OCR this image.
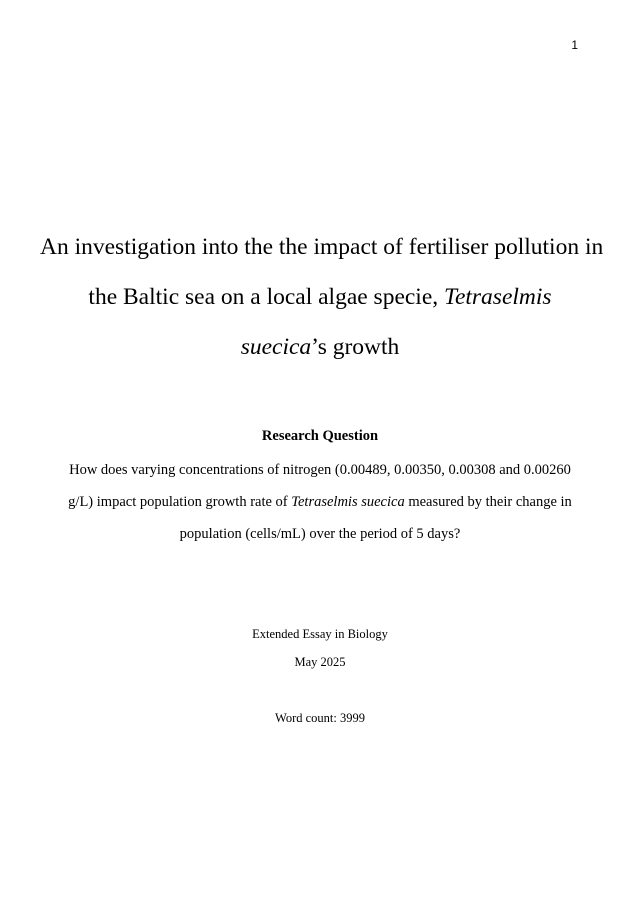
1
An investigation into the the impact of fertiliser pollution in
the Baltic sea on a local algae specie, Tetraselmis
suecica’s growth
Research Question
How does varying concentrations of nitrogen (0.00489, 0.00350, 0.00308 and 0.00260
g/L) impact population growth rate of Tetraselmis suecica measured by their change in
population (cells/mL) over the period of 5 days?
Extended Essay in Biology
May 2025
Word count: 3999
